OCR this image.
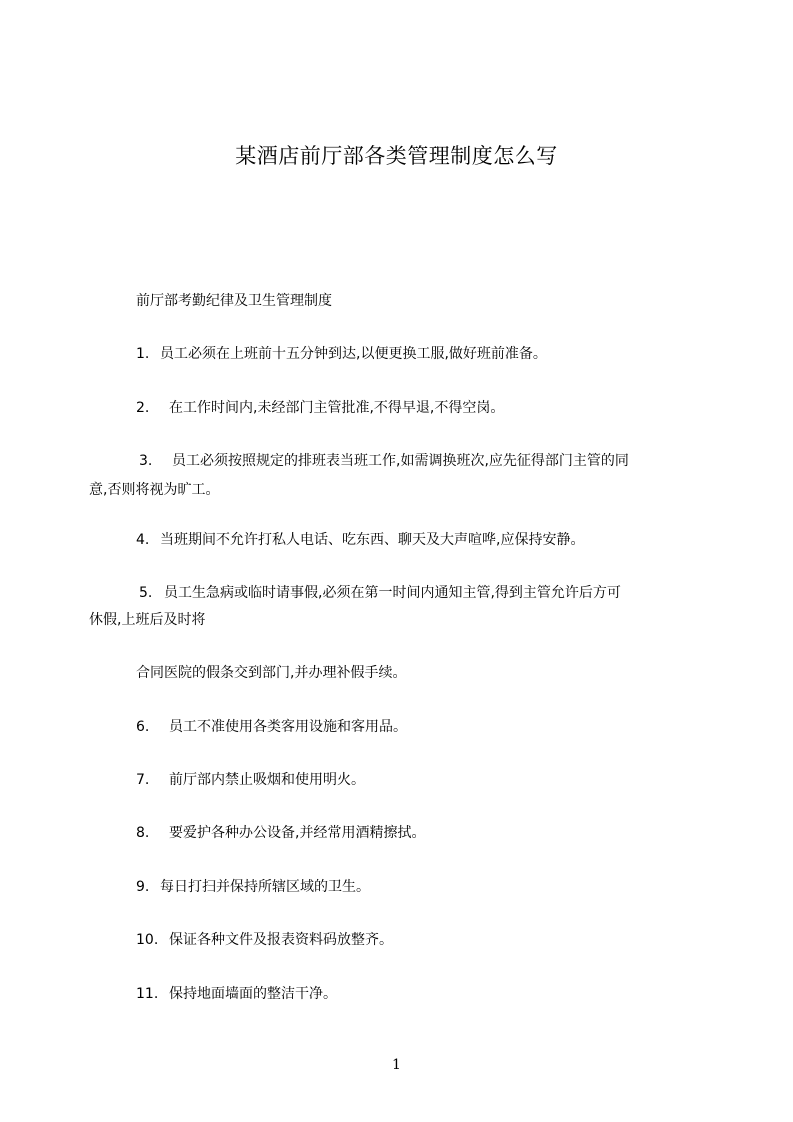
某酒店前厅部各类管理制度怎么写
前厅部考勤纪律及卫生管理制度
1. 员工必须在上班前十五分钟到达,以便更换工服,做好班前准备。
2. 在工作时间内,未经部门主管批准,不得早退,不得空岗。
3. 员工必须按照规定的排班表当班工作,如需调换班次,应先征得部门主管的同
意,否则将视为旷工。
4. 当班期间不允许打私人电话、吃东西、聊天及大声喧哗,应保持安静。
5. 员工生急病或临时请事假,必须在第一时间内通知主管,得到主管允许后方可
休假,上班后及时将
合同医院的假条交到部门,并办理补假手续。
6. 员工不准使用各类客用设施和客用品。
7. 前厅部内禁止吸烟和使用明火。
8. 要爱护各种办公设备,并经常用酒精擦拭。
9. 每日打扫并保持所辖区域的卫生。
10. 保证各种文件及报表资料码放整齐。
11. 保持地面墙面的整洁干净。
1
